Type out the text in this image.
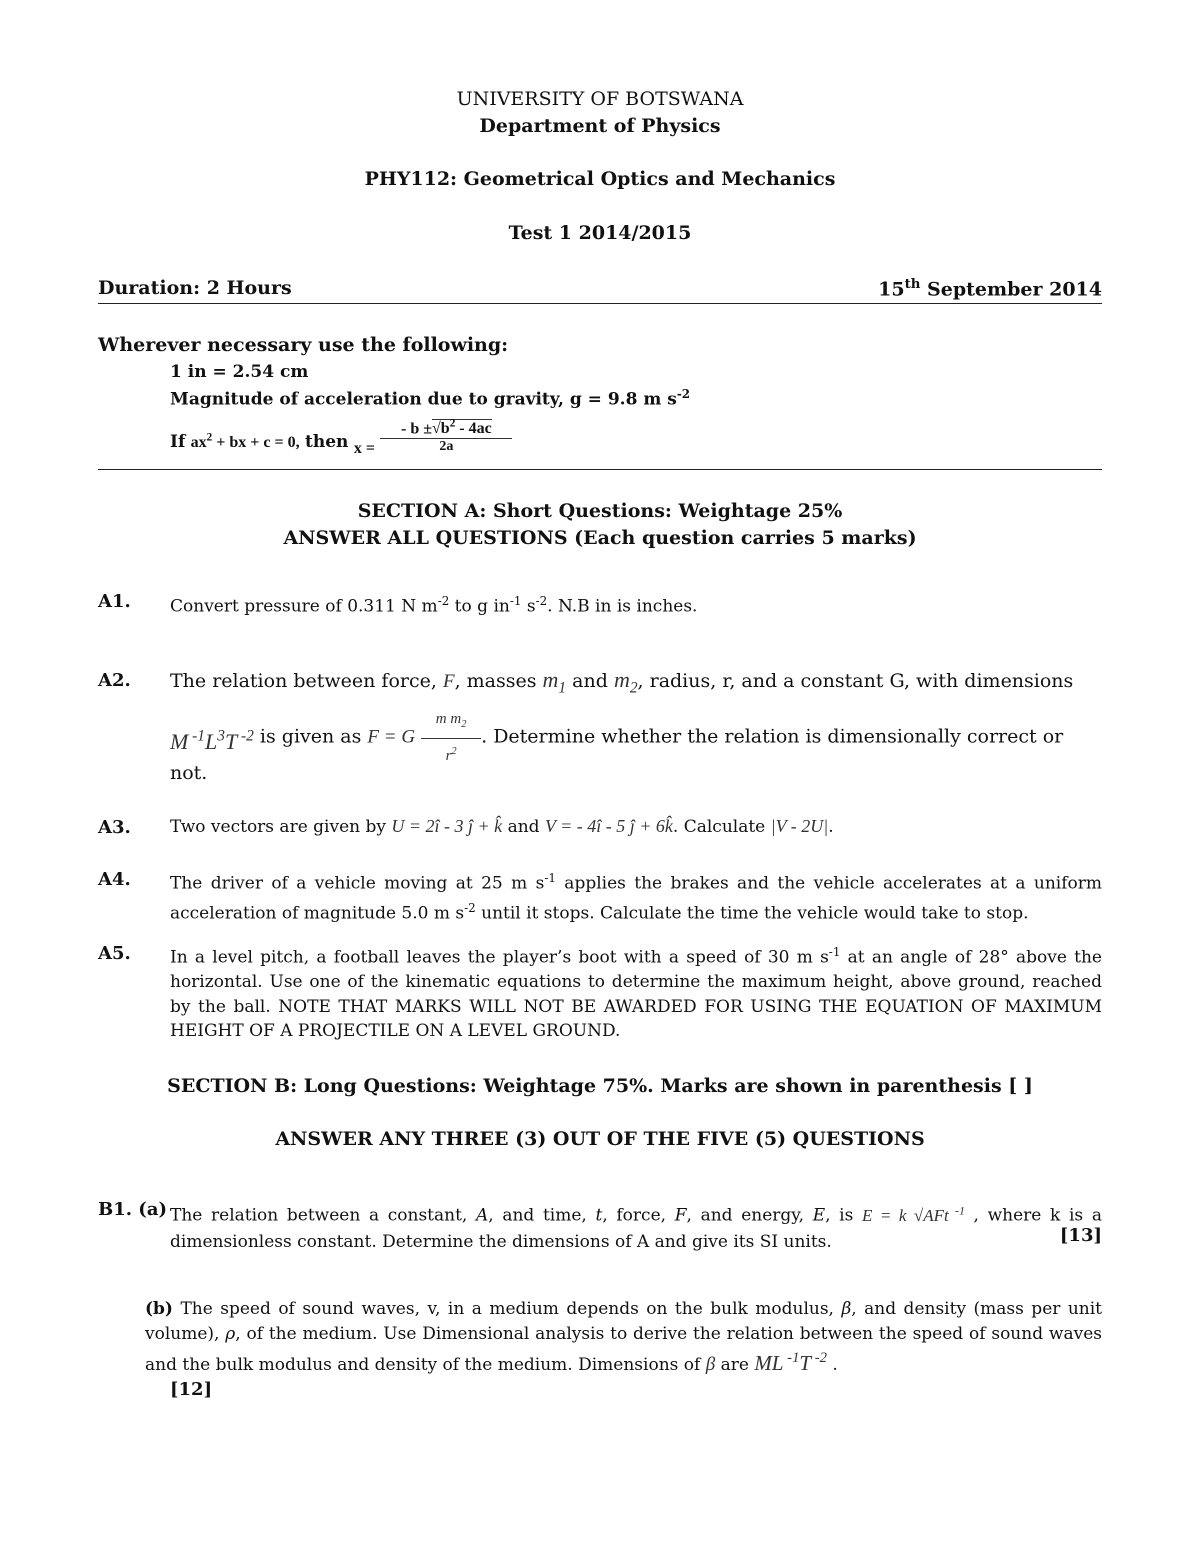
UNIVERSITY OF BOTSWANA
Department of Physics
PHY112: Geometrical Optics and Mechanics
Test 1 2014/2015
Duration: 2 Hours	15th September 2014
Wherever necessary use the following:
1 in = 2.54 cm
Magnitude of acceleration due to gravity, g = 9.8 m $s^{-2}$
If $ax^2$ + bx + c = 0, then $x = \frac{- b \pm√b^2 - 4ac}{2a}$
SECTION A: Short Questions: Weightage 25%
ANSWER ALL QUESTIONS (Each question carries 5 marks)
A1. Convert pressure of 0.311 N $m^{-2}$ to g $in^{-1}$ $s^{-2}$. N.B in is inches.
A2. The relation between force, F, masses $m_1$ and $m_2$, radius, r, and a constant G, with dimensions
M $^{-1}L^3T$ $^{-2}$ is given as F = G $\frac{m m_2}{r^2}$ . Determine whether the relation is dimensionally correct or
not.
A3. Two vectors are given by U = 2î - 3 ĵ + k̂ and V = - 4î - 5 ĵ + 6k̂. Calculate |V - 2U|.
A4. The driver of a vehicle moving at 25 m $s^{-1}$ applies the brakes and the vehicle accelerates at a uniform acceleration of magnitude 5.0 m $s^{-2}$ until it stops. Calculate the time the vehicle would take to stop.
A5. In a level pitch, a football leaves the player’s boot with a speed of 30 m $s^{-1}$ at an angle of 28° above the horizontal. Use one of the kinematic equations to determine the maximum height, above ground, reached by the ball. NOTE THAT MARKS WILL NOT BE AWARDED FOR USING THE EQUATION OF MAXIMUM HEIGHT OF A PROJECTILE ON A LEVEL GROUND.
SECTION B: Long Questions: Weightage 75%. Marks are shown in parenthesis [ ]
ANSWER ANY THREE (3) OUT OF THE FIVE (5) QUESTIONS
B1. (a) The relation between a constant, A, and time, t, force, F, and energy, E, is E = k √AFt $^{-1}$ , where k is a dimensionless constant. Determine the dimensions of A and give its SI units.	[13]
(b) The speed of sound waves, v, in a medium depends on the bulk modulus, β, and density (mass per unit volume), ρ, of the medium. Use Dimensional analysis to derive the relation between the speed of sound waves and the bulk modulus and density of the medium. Dimensions of β are ML $^{-1}$T $^{-2}$ .
[12]
